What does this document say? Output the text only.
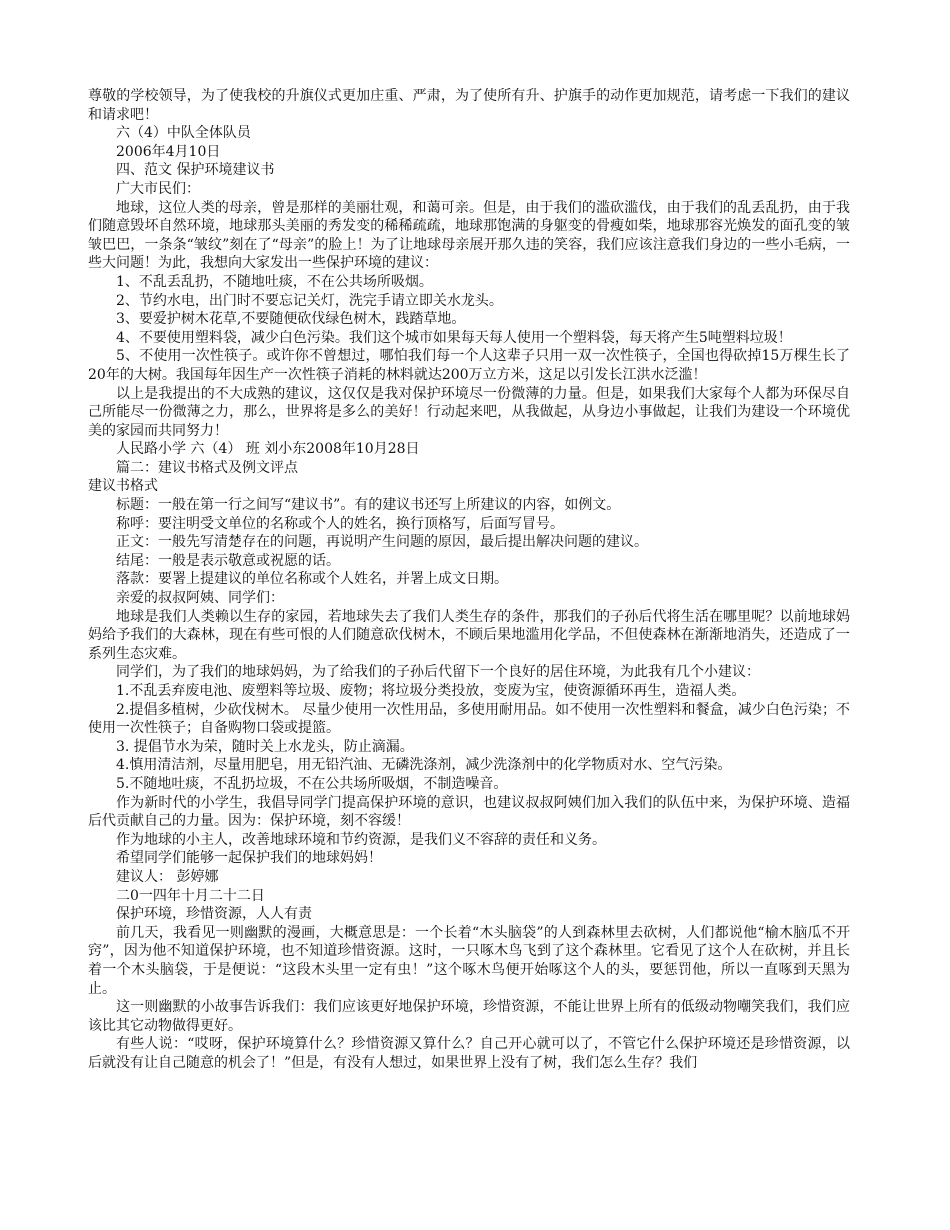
尊敬的学校领导，为了使我校的升旗仪式更加庄重、严肃，为了使所有升、护旗手的动作更加规范，请考虑一下我们的建议和请求吧！

六（4）中队全体队员

2006年4月10日

四、范文 保护环境建议书

广大市民们：

地球，这位人类的母亲，曾是那样的美丽壮观，和蔼可亲。但是，由于我们的滥砍滥伐，由于我们的乱丢乱扔，由于我们随意毁坏自然环境，地球那头美丽的秀发变的稀稀疏疏，地球那饱满的身躯变的骨瘦如柴，地球那容光焕发的面孔变的皱皱巴巴，一条条“皱纹”刻在了“母亲”的脸上！为了让地球母亲展开那久违的笑容，我们应该注意我们身边的一些小毛病，一些大问题！为此，我想向大家发出一些保护环境的建议：

1、不乱丢乱扔，不随地吐痰，不在公共场所吸烟。

2、节约水电，出门时不要忘记关灯，洗完手请立即关水龙头。

3、要爱护树木花草,不要随便砍伐绿色树木，践踏草地。

4、不要使用塑料袋，减少白色污染。我们这个城市如果每天每人使用一个塑料袋，每天将产生5吨塑料垃圾！

5、不使用一次性筷子。或许你不曾想过，哪怕我们每一个人这辈子只用一双一次性筷子，全国也得砍掉15万棵生长了20年的大树。我国每年因生产一次性筷子消耗的林料就达200万立方米，这足以引发长江洪水泛滥！

以上是我提出的不大成熟的建议，这仅仅是我对保护环境尽一份微薄的力量。但是，如果我们大家每个人都为环保尽自己所能尽一份微薄之力，那么，世界将是多么的美好！行动起来吧，从我做起，从身边小事做起，让我们为建设一个环境优美的家园而共同努力！

人民路小学 六（4） 班 刘小东2008年10月28日

篇二：建议书格式及例文评点

建议书格式

标题：一般在第一行之间写“建议书”。有的建议书还写上所建议的内容，如例文。

称呼：要注明受文单位的名称或个人的姓名，换行顶格写，后面写冒号。

正文：一般先写清楚存在的问题，再说明产生问题的原因，最后提出解决问题的建议。

结尾：一般是表示敬意或祝愿的话。

落款：要署上提建议的单位名称或个人姓名，并署上成文日期。

亲爱的叔叔阿姨、同学们：

地球是我们人类赖以生存的家园，若地球失去了我们人类生存的条件，那我们的子孙后代将生活在哪里呢？以前地球妈妈给予我们的大森林，现在有些可恨的人们随意砍伐树木，不顾后果地滥用化学品，不但使森林在渐渐地消失，还造成了一系列生态灾难。

同学们，为了我们的地球妈妈，为了给我们的子孙后代留下一个良好的居住环境，为此我有几个小建议：

1.不乱丢弃废电池、废塑料等垃圾、废物；将垃圾分类投放，变废为宝，使资源循环再生，造福人类。

2.提倡多植树，少砍伐树木。 尽量少使用一次性用品，多使用耐用品。如不使用一次性塑料和餐盒，减少白色污染；不使用一次性筷子；自备购物口袋或提篮。

3. 提倡节水为荣，随时关上水龙头，防止滴漏。

4.慎用清洁剂，尽量用肥皂，用无铅汽油、无磷洗涤剂，减少洗涤剂中的化学物质对水、空气污染。

5.不随地吐痰，不乱扔垃圾，不在公共场所吸烟，不制造噪音。

作为新时代的小学生，我倡导同学门提高保护环境的意识，也建议叔叔阿姨们加入我们的队伍中来，为保护环境、造福后代贡献自己的力量。因为：保护环境，刻不容缓！

作为地球的小主人，改善地球环境和节约资源，是我们义不容辞的责任和义务。

希望同学们能够一起保护我们的地球妈妈！

建议人： 彭婷娜

二0一四年十月二十二日

保护环境，珍惜资源，人人有责

前几天，我看见一则幽默的漫画，大概意思是：一个长着“木头脑袋”的人到森林里去砍树，人们都说他“榆木脑瓜不开窍”，因为他不知道保护环境，也不知道珍惜资源。这时，一只啄木鸟飞到了这个森林里。它看见了这个人在砍树，并且长着一个木头脑袋，于是便说：“这段木头里一定有虫！”这个啄木鸟便开始啄这个人的头，要惩罚他，所以一直啄到天黑为止。

这一则幽默的小故事告诉我们：我们应该更好地保护环境，珍惜资源，不能让世界上所有的低级动物嘲笑我们，我们应该比其它动物做得更好。

有些人说：“哎呀，保护环境算什么？珍惜资源又算什么？自己开心就可以了，不管它什么保护环境还是珍惜资源，以后就没有让自己随意的机会了！”但是，有没有人想过，如果世界上没有了树，我们怎么生存？我们
